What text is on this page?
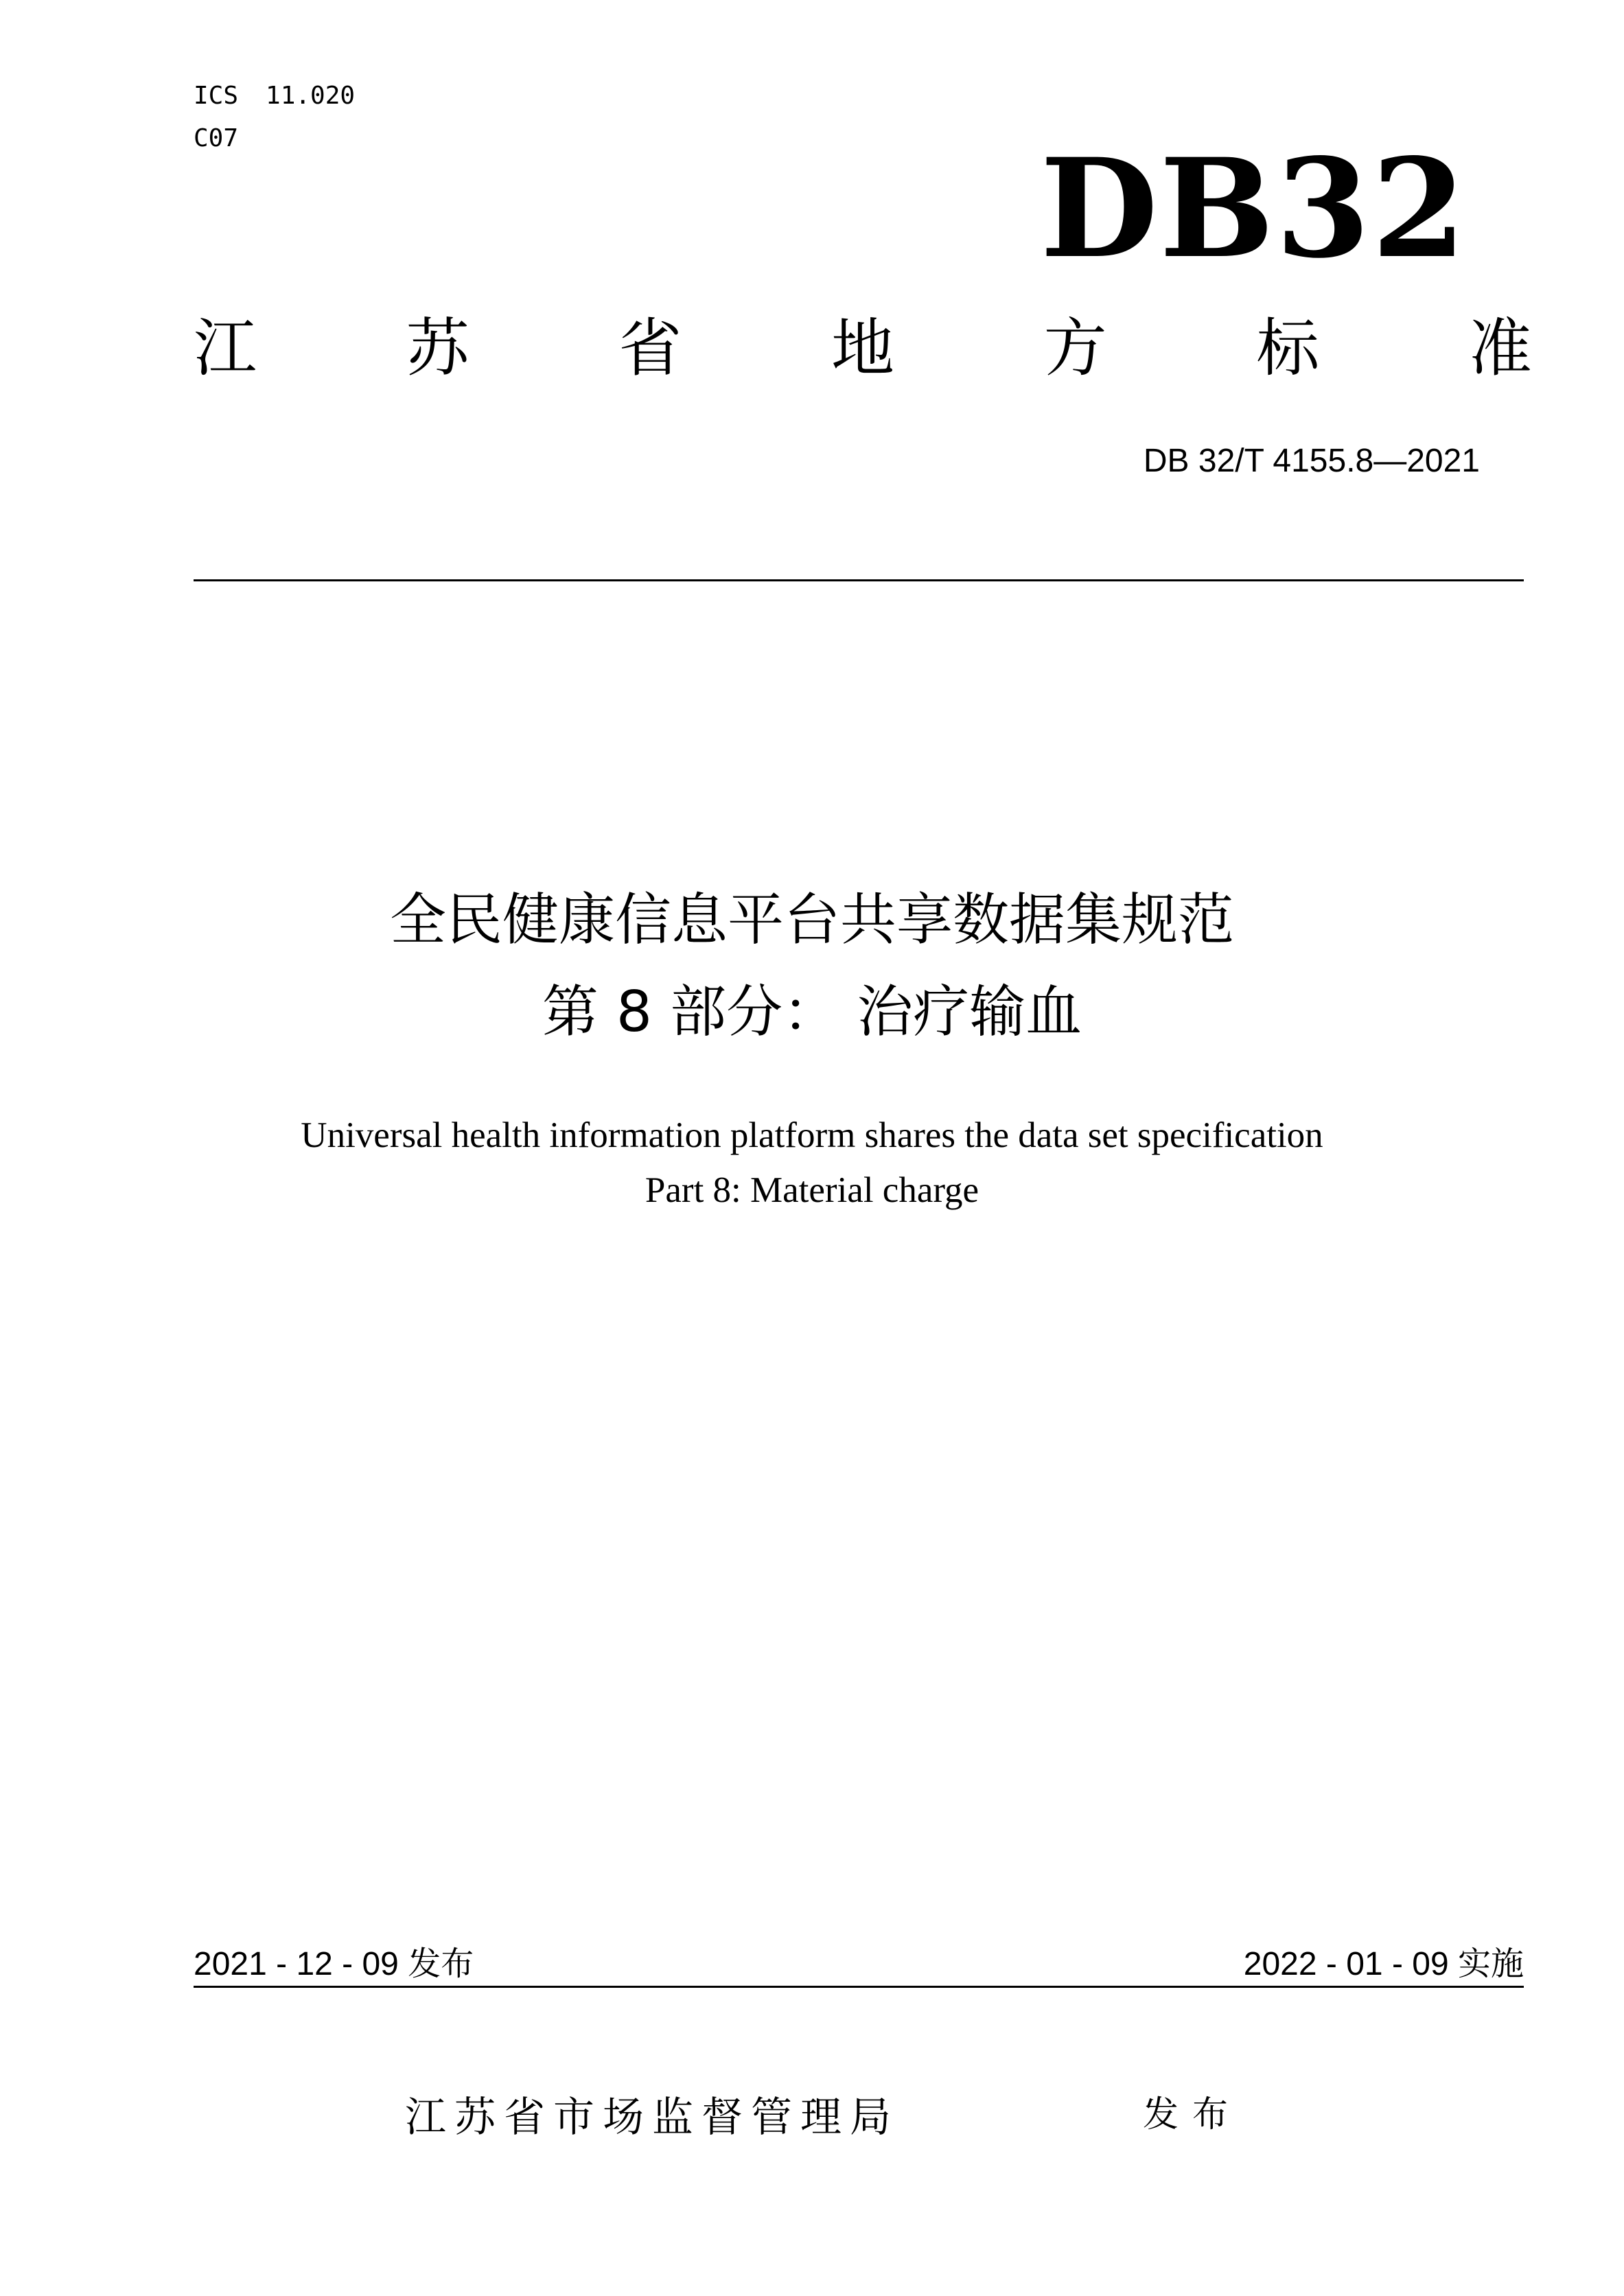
ICS 11.020
C07	DB32
江 苏 省 地 方 标 准
DB 32/T 4155.8—2021
全民健康信息平台共享数据集规范
第 8 部分： 治疗输血
Universal health information platform shares the data set specification
Part 8: Material charge
2021 - 12 - 09 发布	2022 - 01 - 09 实施
江苏省市场监督管理局	发布
